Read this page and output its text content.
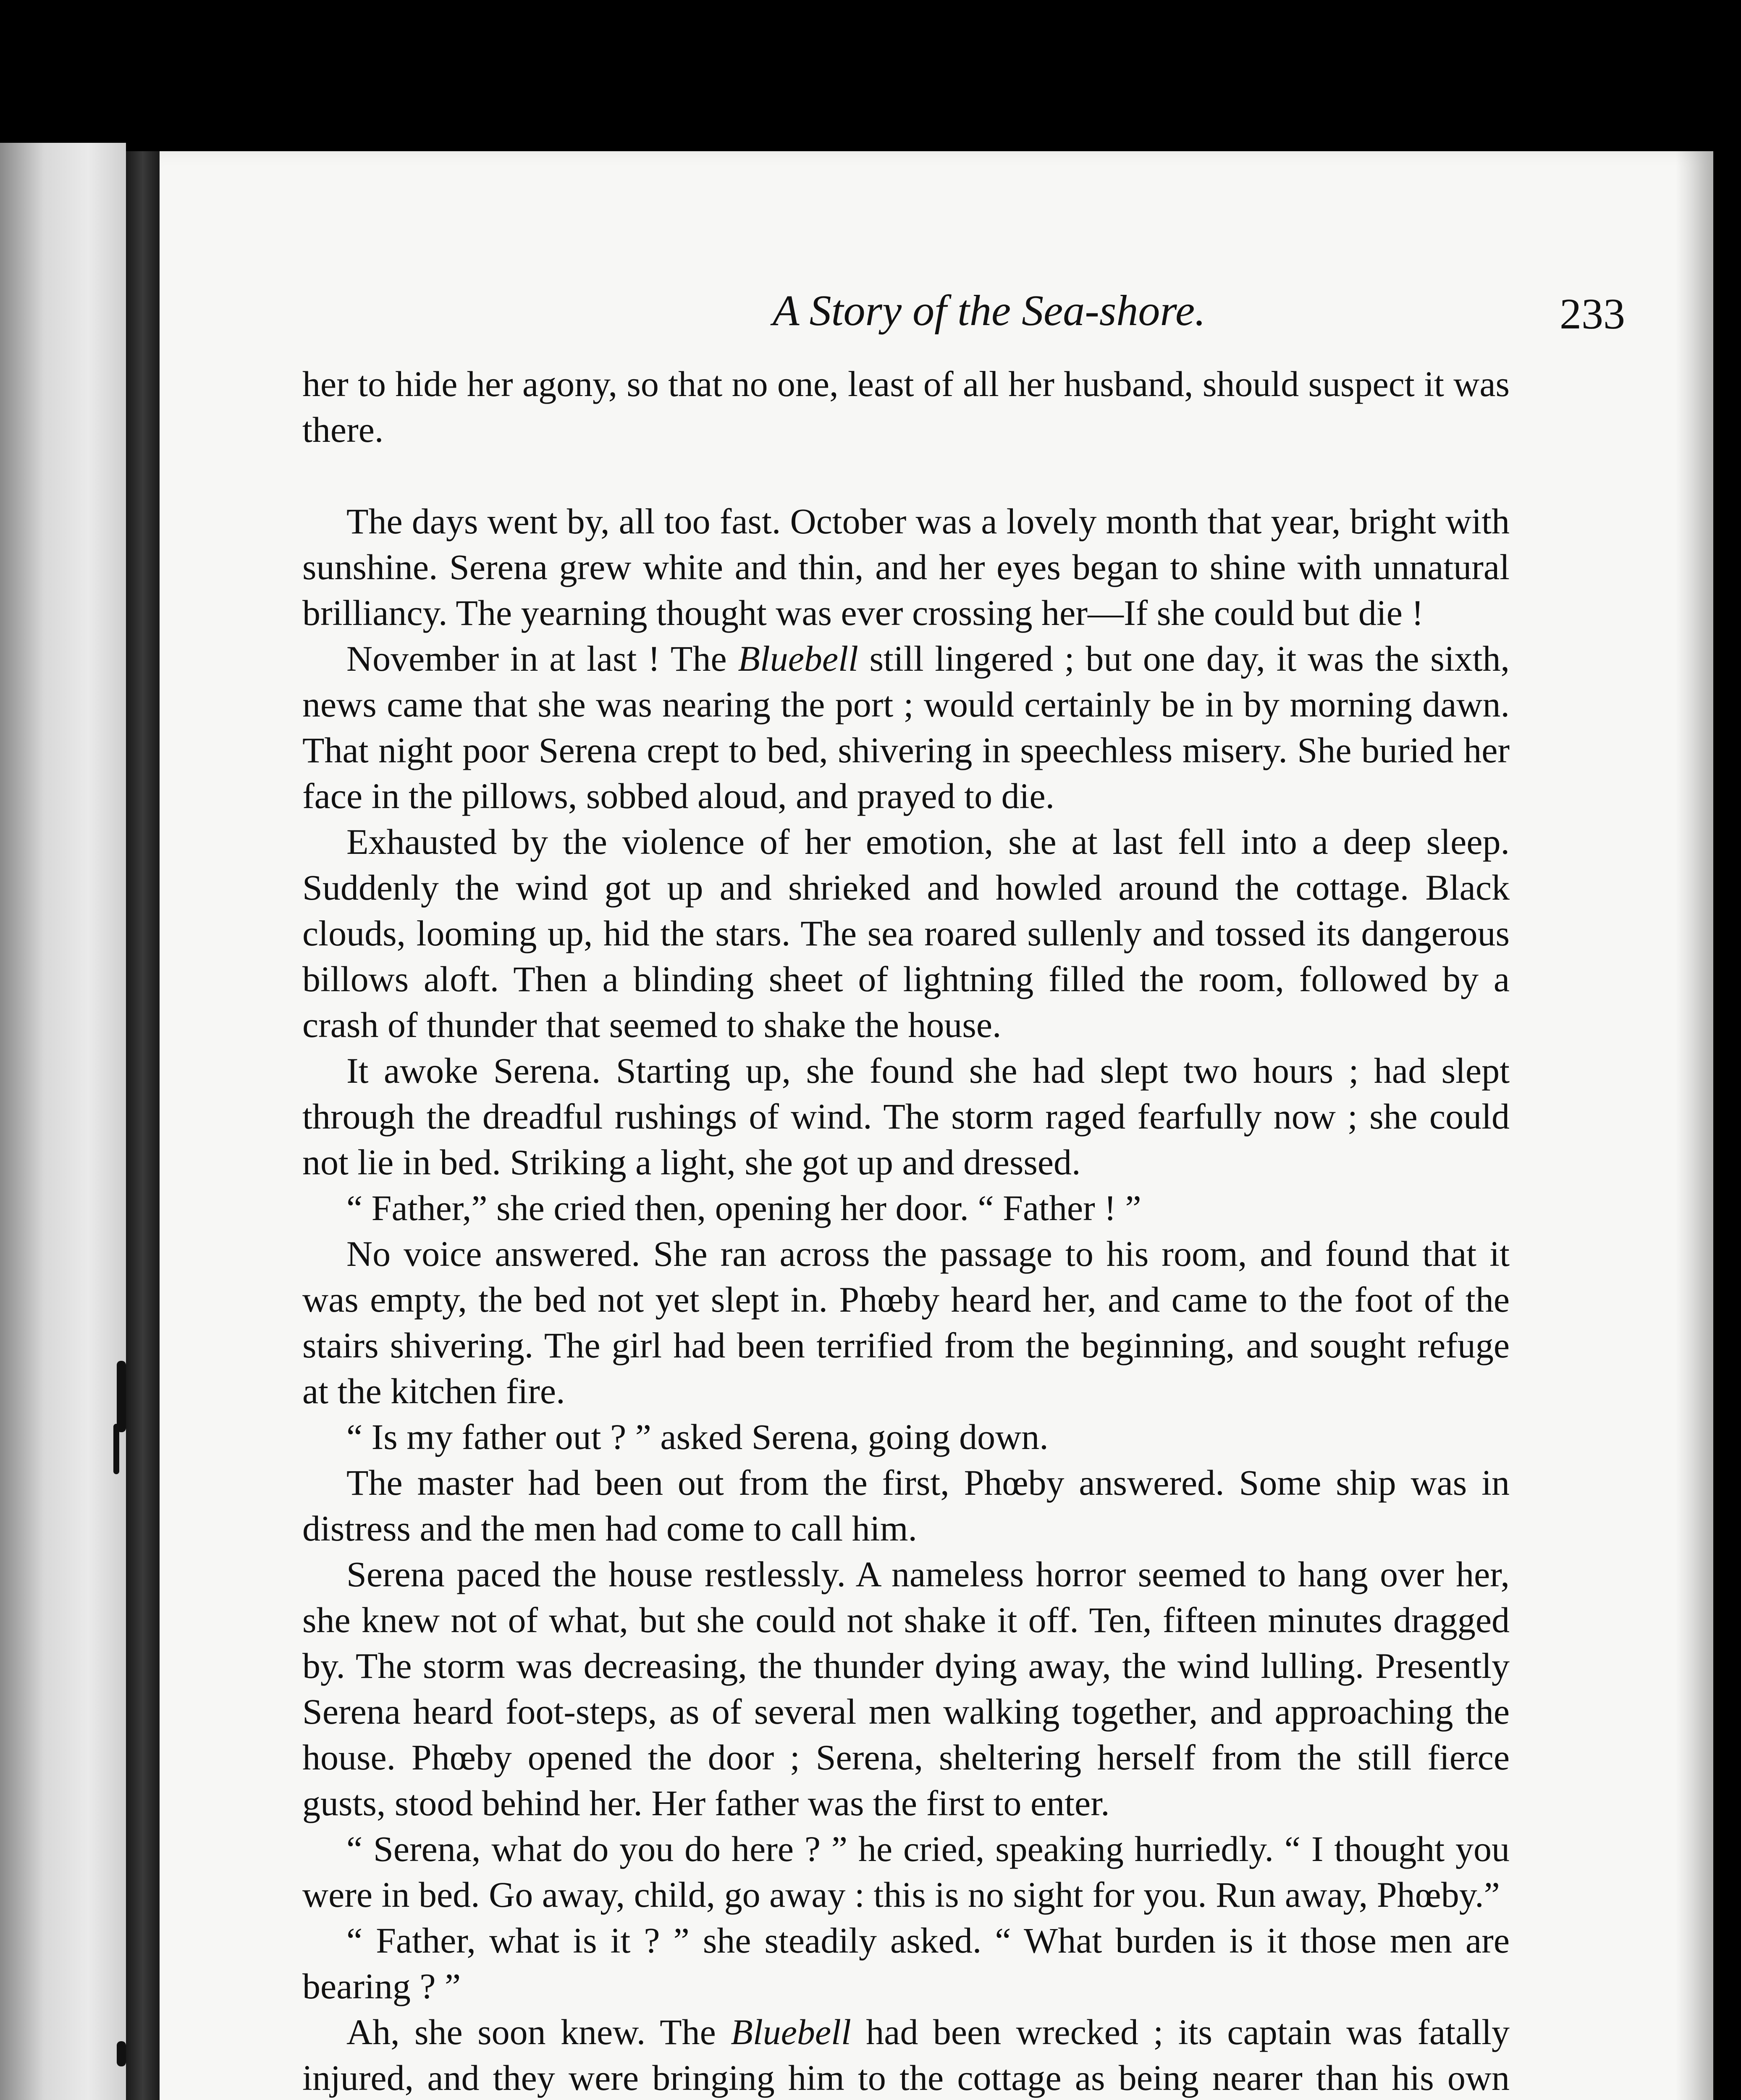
A Story of the Sea-shore.	233

her to hide her agony, so that no one, least of all her husband, should suspect it was there.

The days went by, all too fast. October was a lovely month that year, bright with sunshine. Serena grew white and thin, and her eyes began to shine with unnatural brilliancy. The yearning thought was ever crossing her—If she could but die !

November in at last ! The Bluebell still lingered ; but one day, it was the sixth, news came that she was nearing the port ; would certainly be in by morning dawn. That night poor Serena crept to bed, shivering in speechless misery. She buried her face in the pillows, sobbed aloud, and prayed to die.

Exhausted by the violence of her emotion, she at last fell into a deep sleep. Suddenly the wind got up and shrieked and howled around the cottage. Black clouds, looming up, hid the stars. The sea roared sullenly and tossed its dangerous billows aloft. Then a blinding sheet of lightning filled the room, followed by a crash of thunder that seemed to shake the house.

It awoke Serena. Starting up, she found she had slept two hours ; had slept through the dreadful rushings of wind. The storm raged fearfully now ; she could not lie in bed. Striking a light, she got up and dressed.

“ Father,” she cried then, opening her door. “ Father ! ”

No voice answered. She ran across the passage to his room, and found that it was empty, the bed not yet slept in. Phœby heard her, and came to the foot of the stairs shivering. The girl had been terrified from the beginning, and sought refuge at the kitchen fire.

“ Is my father out ? ” asked Serena, going down.

The master had been out from the first, Phœby answered. Some ship was in distress and the men had come to call him.

Serena paced the house restlessly. A nameless horror seemed to hang over her, she knew not of what, but she could not shake it off. Ten, fifteen minutes dragged by. The storm was decreasing, the thunder dying away, the wind lulling. Presently Serena heard foot-steps, as of several men walking together, and approaching the house. Phœby opened the door ; Serena, sheltering herself from the still fierce gusts, stood behind her. Her father was the first to enter.

“ Serena, what do you do here ? ” he cried, speaking hurriedly. “ I thought you were in bed. Go away, child, go away : this is no sight for you. Run away, Phœby.”

“ Father, what is it ? ” she steadily asked. “ What burden is it those men are bearing ? ”

Ah, she soon knew. The Bluebell had been wrecked ; its captain was fatally injured, and they were bringing him to the cottage as being nearer than his own
